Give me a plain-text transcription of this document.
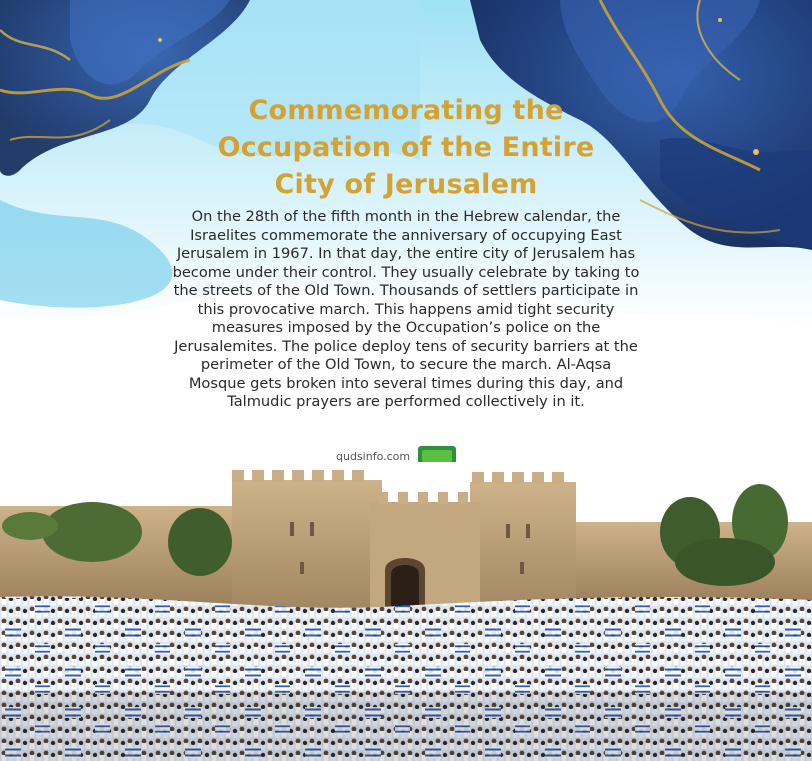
Commemorating the
Occupation of the Entire
City of Jerusalem
On the 28th of the fifth month in the Hebrew calendar, the
Israelites commemorate the anniversary of occupying East
Jerusalem in 1967. In that day, the entire city of Jerusalem has
become under their control. They usually celebrate by taking to
the streets of the Old Town. Thousands of settlers participate in
this provocative march. This happens amid tight security
measures imposed by the Occupation’s police on the
Jerusalemites. The police deploy tens of security barriers at the
perimeter of the Old Town, to secure the march. Al-Aqsa
Mosque gets broken into several times during this day, and
Talmudic prayers are performed collectively in it.
qudsinfo.com
